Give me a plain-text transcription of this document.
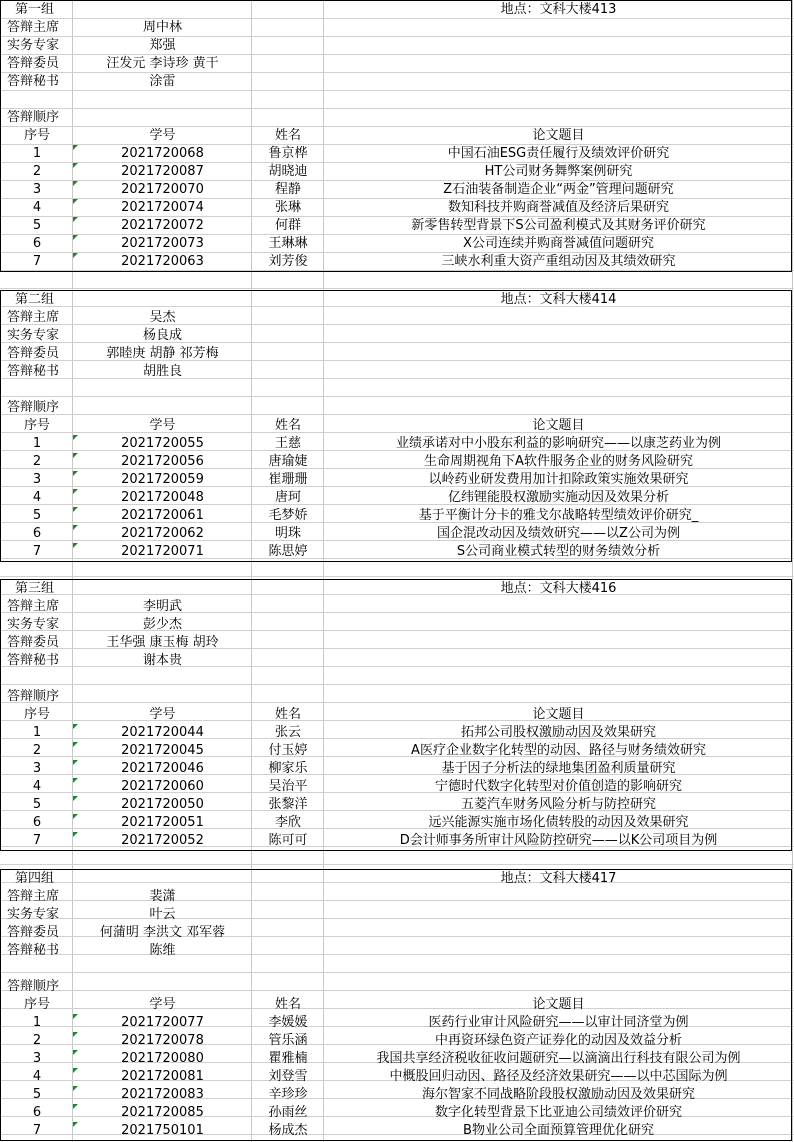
第一组	地点：文科大楼413
答辩主席	周中林
实务专家	郑强
答辩委员	汪发元 李诗珍 黄干
答辩秘书	涂雷
答辩顺序
序号	学号	姓名	论文题目
1	2021720068	鲁京桦	中国石油ESG责任履行及绩效评价研究
2	2021720087	胡晓迪	HT公司财务舞弊案例研究
3	2021720070	程静	Z石油装备制造企业“两金”管理问题研究
4	2021720074	张琳	数知科技并购商誉减值及经济后果研究
5	2021720072	何群	新零售转型背景下S公司盈利模式及其财务评价研究
6	2021720073	王琳琳	X公司连续并购商誉减值问题研究
7	2021720063	刘芳俊	三峡水利重大资产重组动因及其绩效研究
第二组	地点：文科大楼414
答辩主席	吴杰
实务专家	杨良成
答辩委员	郭睦庚 胡静 祁芳梅
答辩秘书	胡胜良
答辩顺序
序号	学号	姓名	论文题目
1	2021720055	王慈	业绩承诺对中小股东利益的影响研究——以康芝药业为例
2	2021720056	唐瑜婕	生命周期视角下A软件服务企业的财务风险研究
3	2021720059	崔珊珊	以岭药业研发费用加计扣除政策实施效果研究
4	2021720048	唐珂	亿纬锂能股权激励实施动因及效果分析
5	2021720061	毛梦娇	基于平衡计分卡的雅戈尔战略转型绩效评价研究_
6	2021720062	明珠	国企混改动因及绩效研究——以Z公司为例
7	2021720071	陈思婷	S公司商业模式转型的财务绩效分析
第三组	地点：文科大楼416
答辩主席	李明武
实务专家	彭少杰
答辩委员	王华强 康玉梅 胡玲
答辩秘书	谢本贵
答辩顺序
序号	学号	姓名	论文题目
1	2021720044	张云	拓邦公司股权激励动因及效果研究
2	2021720045	付玉婷	A医疗企业数字化转型的动因、路径与财务绩效研究
3	2021720046	柳家乐	基于因子分析法的绿地集团盈利质量研究
4	2021720060	吴治平	宁德时代数字化转型对价值创造的影响研究
5	2021720050	张黎洋	五菱汽车财务风险分析与防控研究
6	2021720051	李欣	远兴能源实施市场化债转股的动因及效果研究
7	2021720052	陈可可	D会计师事务所审计风险防控研究——以K公司项目为例
第四组	地点：文科大楼417
答辩主席	裴潇
实务专家	叶云
答辩委员	何蒲明 李洪文 邓军蓉
答辩秘书	陈维
答辩顺序
序号	学号	姓名	论文题目
1	2021720077	李媛媛	医药行业审计风险研究——以审计同济堂为例
2	2021720078	管乐涵	中再资环绿色资产证券化的动因及效益分析
3	2021720080	瞿雅楠	我国共享经济税收征收问题研究—以滴滴出行科技有限公司为例
4	2021720081	刘登雪	中概股回归动因、路径及经济效果研究——以中芯国际为例
5	2021720083	辛珍珍	海尔智家不同战略阶段股权激励动因及效果研究
6	2021720085	孙雨丝	数字化转型背景下比亚迪公司绩效评价研究
7	2021750101	杨成杰	B物业公司全面预算管理优化研究
